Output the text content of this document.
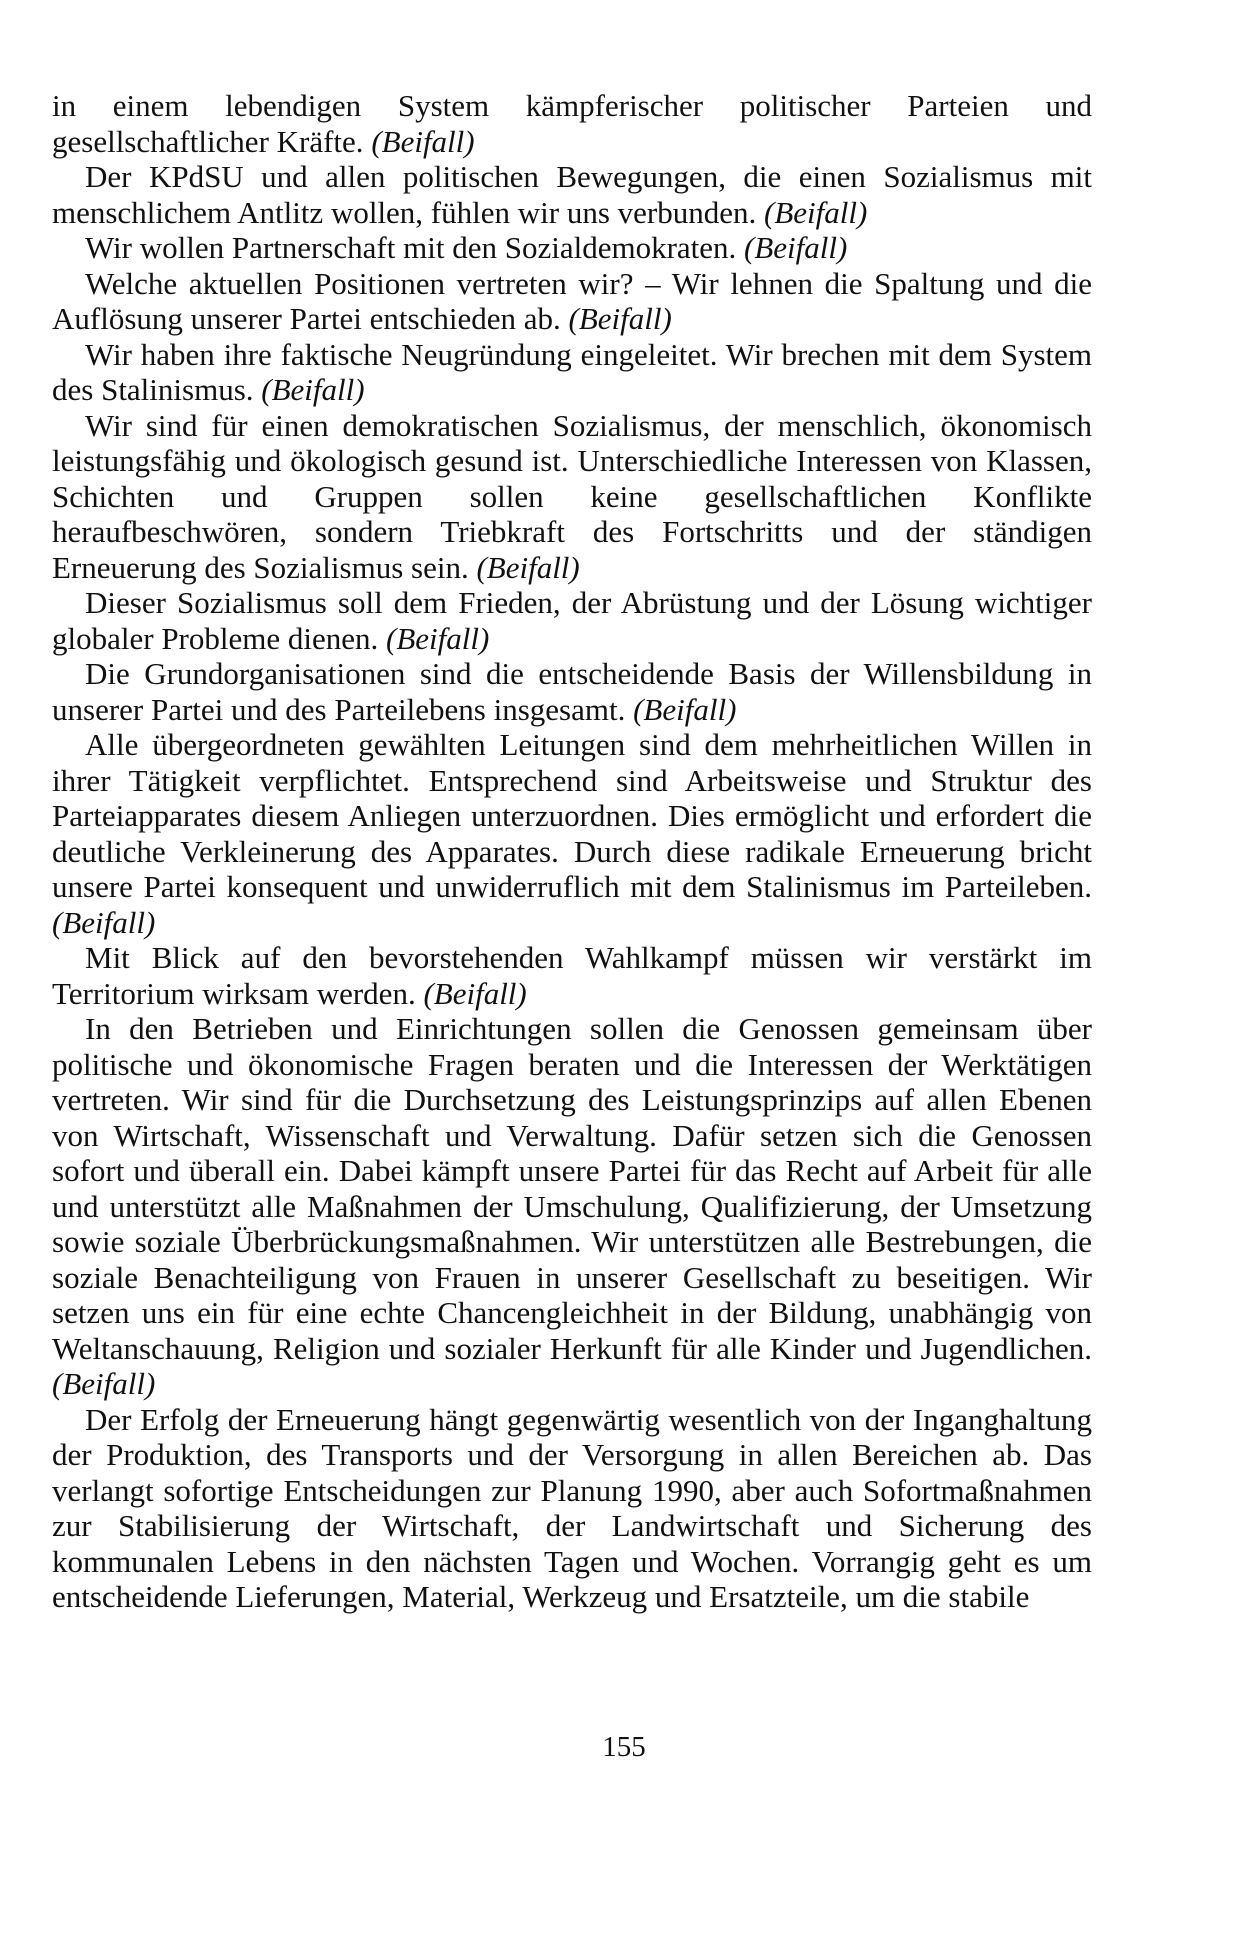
in einem lebendigen System kämpferischer politischer Parteien und gesellschaftlicher Kräfte. (Beifall)

Der KPdSU und allen politischen Bewegungen, die einen Sozialismus mit menschlichem Antlitz wollen, fühlen wir uns verbunden. (Beifall)

Wir wollen Partnerschaft mit den Sozialdemokraten. (Beifall)

Welche aktuellen Positionen vertreten wir? – Wir lehnen die Spaltung und die Auflösung unserer Partei entschieden ab. (Beifall)

Wir haben ihre faktische Neugründung eingeleitet. Wir brechen mit dem System des Stalinismus. (Beifall)

Wir sind für einen demokratischen Sozialismus, der menschlich, ökonomisch leistungsfähig und ökologisch gesund ist. Unterschiedliche Interessen von Klassen, Schichten und Gruppen sollen keine gesellschaftlichen Konflikte heraufbeschwören, sondern Triebkraft des Fortschritts und der ständigen Erneuerung des Sozialismus sein. (Beifall)

Dieser Sozialismus soll dem Frieden, der Abrüstung und der Lösung wichtiger globaler Probleme dienen. (Beifall)

Die Grundorganisationen sind die entscheidende Basis der Willensbildung in unserer Partei und des Parteilebens insgesamt. (Beifall)

Alle übergeordneten gewählten Leitungen sind dem mehrheitlichen Willen in ihrer Tätigkeit verpflichtet. Entsprechend sind Arbeitsweise und Struktur des Parteiapparates diesem Anliegen unterzuordnen. Dies ermöglicht und erfordert die deutliche Verkleinerung des Apparates. Durch diese radikale Erneuerung bricht unsere Partei konsequent und unwiderruflich mit dem Stalinismus im Parteileben. (Beifall)

Mit Blick auf den bevorstehenden Wahlkampf müssen wir verstärkt im Territorium wirksam werden. (Beifall)

In den Betrieben und Einrichtungen sollen die Genossen gemeinsam über politische und ökonomische Fragen beraten und die Interessen der Werktätigen vertreten. Wir sind für die Durchsetzung des Leistungsprinzips auf allen Ebenen von Wirtschaft, Wissenschaft und Verwaltung. Dafür setzen sich die Genossen sofort und überall ein. Dabei kämpft unsere Partei für das Recht auf Arbeit für alle und unterstützt alle Maßnahmen der Umschulung, Qualifizierung, der Umsetzung sowie soziale Überbrückungsmaßnahmen. Wir unterstützen alle Bestrebungen, die soziale Benachteiligung von Frauen in unserer Gesellschaft zu beseitigen. Wir setzen uns ein für eine echte Chancengleichheit in der Bildung, unabhängig von Weltanschauung, Religion und sozialer Herkunft für alle Kinder und Jugendlichen. (Beifall)

Der Erfolg der Erneuerung hängt gegenwärtig wesentlich von der Inganghaltung der Produktion, des Transports und der Versorgung in allen Bereichen ab. Das verlangt sofortige Entscheidungen zur Planung 1990, aber auch Sofortmaßnahmen zur Stabilisierung der Wirtschaft, der Landwirtschaft und Sicherung des kommunalen Lebens in den nächsten Tagen und Wochen. Vorrangig geht es um entscheidende Lieferungen, Material, Werkzeug und Ersatzteile, um die stabile

155
